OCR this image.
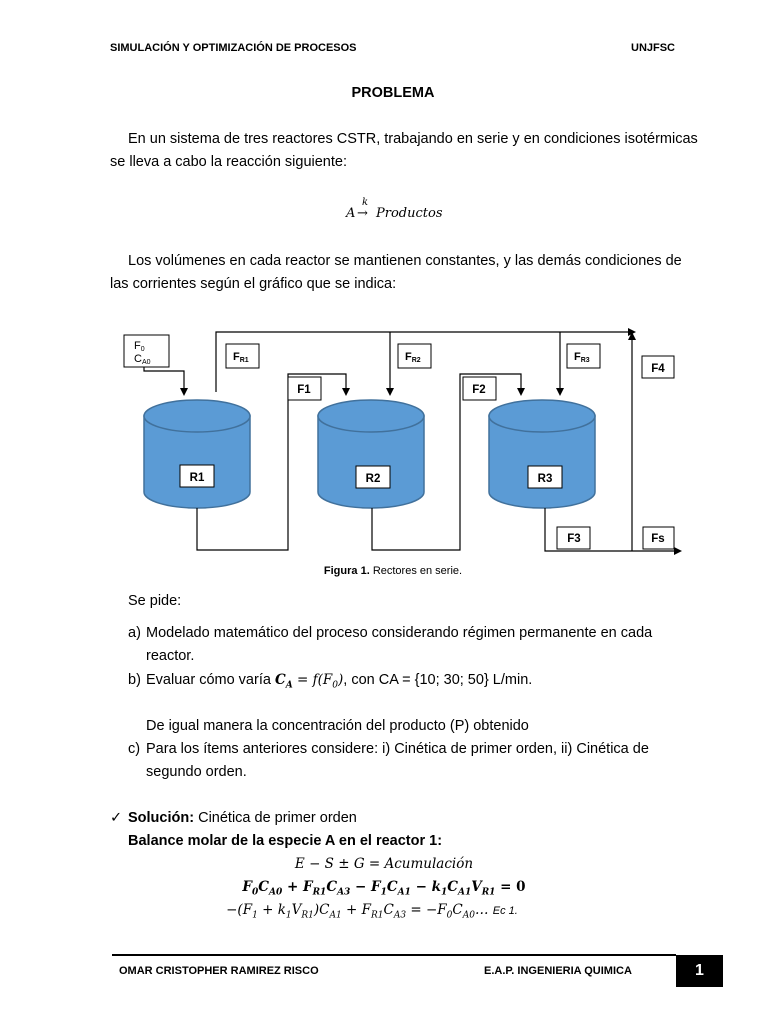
SIMULACIÓN Y OPTIMIZACIÓN DE PROCESOS	UNJFSC
PROBLEMA
En un sistema de tres reactores CSTR, trabajando en serie y en condiciones isotérmicas
se lleva a cabo la reacción siguiente:
A
k
→ Productos
Los volúmenes en cada reactor se mantienen constantes, y las demás condiciones de
las corrientes según el gráfico que se indica:
R1	R2	R3
F0
CA0	FR1	FR2	FR3
F1	F2
F3
F4
Fs
Figura 1. Rectores en serie.
Se pide:
a) Modelado matemático del proceso considerando régimen permanente en cada
reactor.
b) Evaluar cómo varía $C_A = f(F_0)$, con CA = {10; 30; 50} L/min.
De igual manera la concentración del producto (P) obtenido
c) Para los ítems anteriores considere: i) Cinética de primer orden, ii) Cinética de
segundo orden.
✓ Solución: Cinética de primer orden
Balance molar de la especie A en el reactor 1:
E − S ± G = Acumulación
$F_0C_{A0} + F_{R1}C_{A3} - F_1C_{A1} - k_1C_{A1}V_{R1} = 0$
$-(F_1 + k_1V_{R1})C_{A1} + F_{R1}C_{A3}$ = $-F_0C_{A0}\dots$ Ec 1.
OMAR CRISTOPHER RAMIREZ RISCO	E.A.P. INGENIERIA QUIMICA	1
